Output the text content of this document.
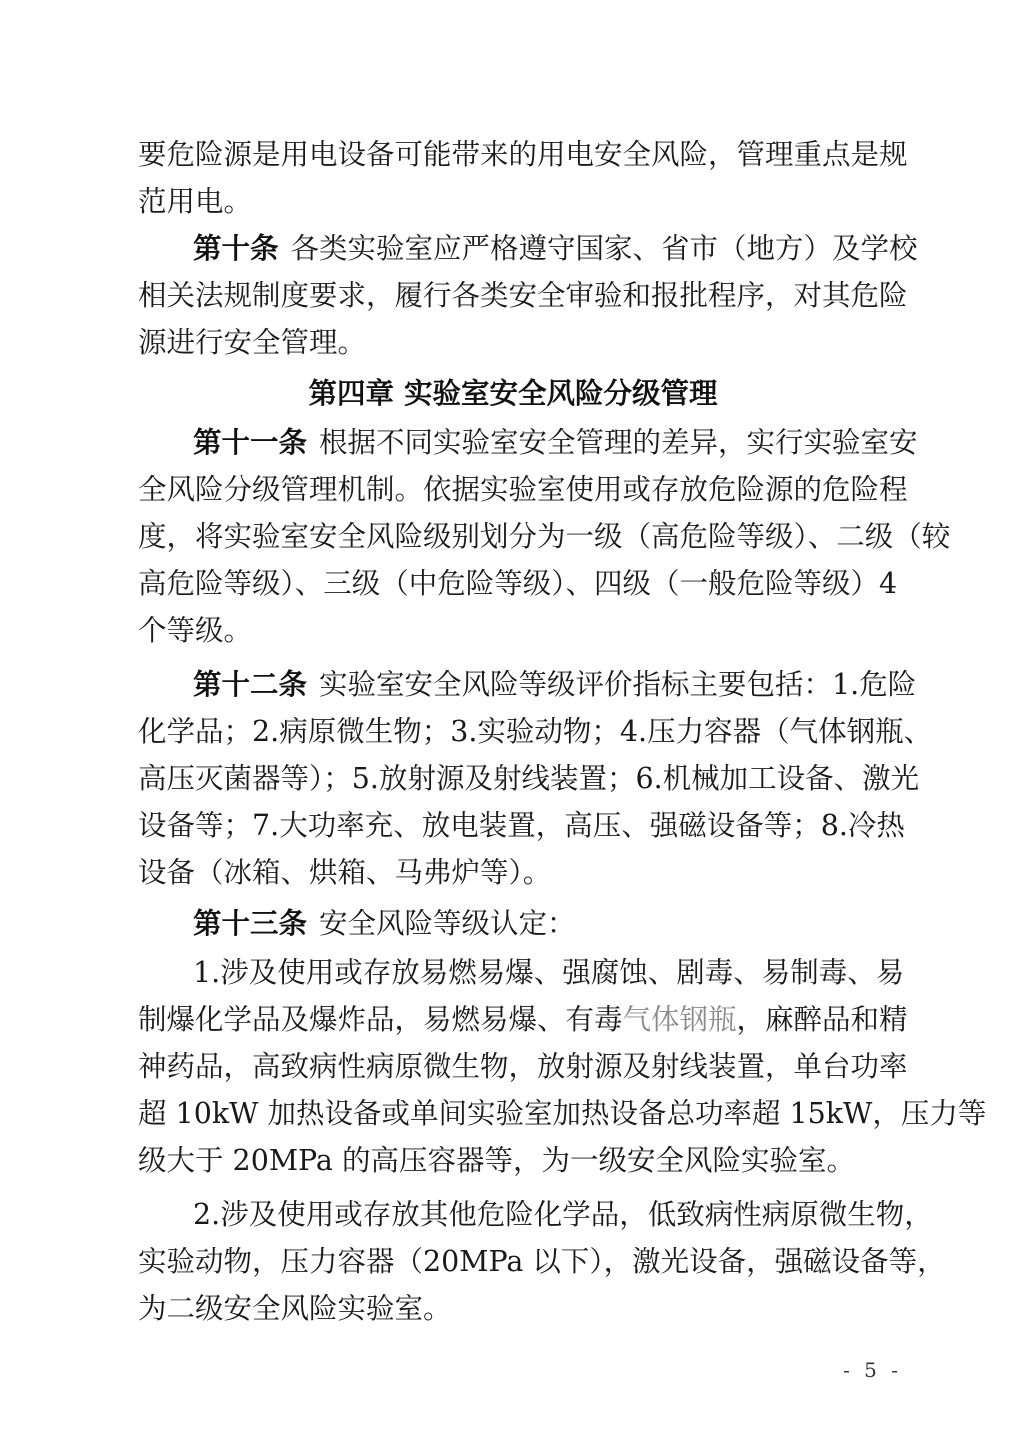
要危险源是用电设备可能带来的用电安全风险，管理重点是规
范用电。
第十条 各类实验室应严格遵守国家、省市（地方）及学校
相关法规制度要求，履行各类安全审验和报批程序，对其危险
源进行安全管理。
第四章 实验室安全风险分级管理
第十一条 根据不同实验室安全管理的差异，实行实验室安
全风险分级管理机制。依据实验室使用或存放危险源的危险程
度，将实验室安全风险级别划分为一级（高危险等级）、二级（较
高危险等级）、三级（中危险等级）、四级（一般危险等级）4
个等级。
第十二条 实验室安全风险等级评价指标主要包括：1.危险
化学品；2.病原微生物；3.实验动物；4.压力容器（气体钢瓶、
高压灭菌器等）；5.放射源及射线装置；6.机械加工设备、激光
设备等；7.大功率充、放电装置，高压、强磁设备等；8.冷热
设备（冰箱、烘箱、马弗炉等）。
第十三条 安全风险等级认定：
1.涉及使用或存放易燃易爆、强腐蚀、剧毒、易制毒、易
制爆化学品及爆炸品，易燃易爆、有毒气体钢瓶，麻醉品和精
神药品，高致病性病原微生物，放射源及射线装置，单台功率
超 10kW 加热设备或单间实验室加热设备总功率超 15kW，压力等
级大于 20MPa 的高压容器等，为一级安全风险实验室。
2.涉及使用或存放其他危险化学品，低致病性病原微生物，
实验动物，压力容器（20MPa 以下），激光设备，强磁设备等，
为二级安全风险实验室。
- 5 -
